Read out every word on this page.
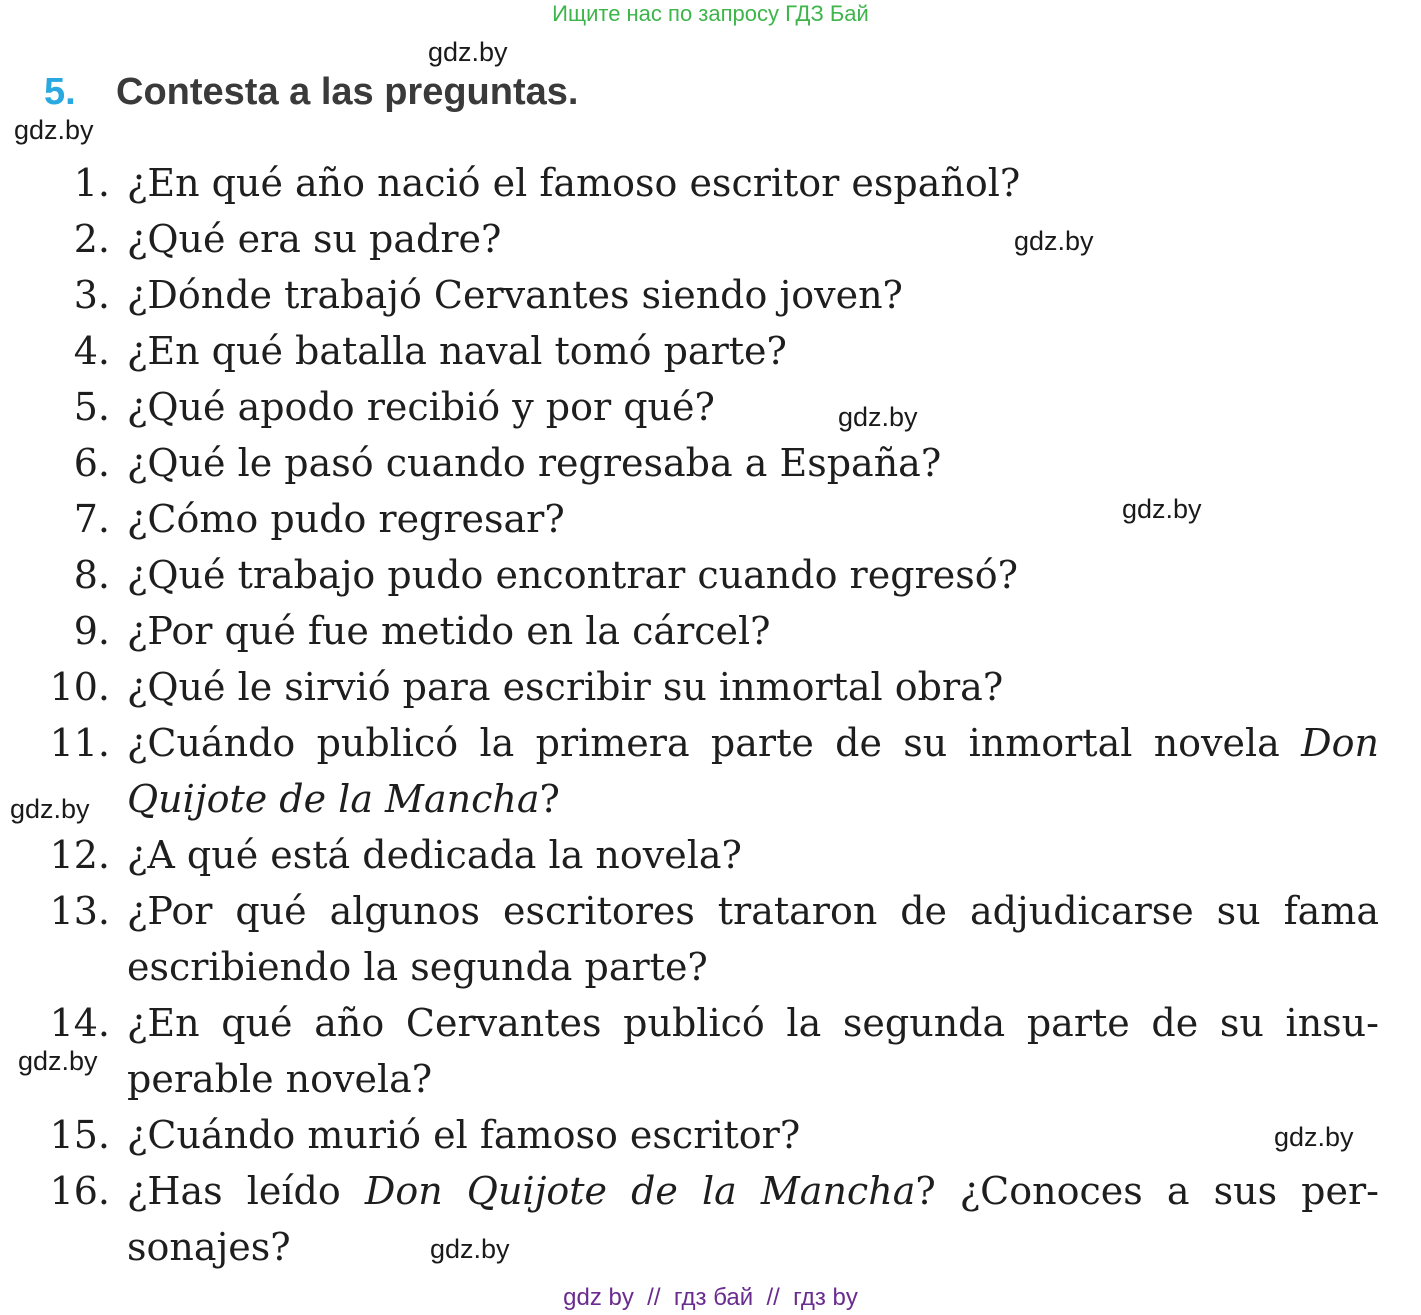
Ищите нас по запросу ГДЗ Бай
gdz.by
gdz.by
gdz.by
gdz.by
gdz.by
gdz.by
gdz.by
gdz.by
gdz.by
5. Contesta a las preguntas.
1. ¿En qué año nació el famoso escritor español?
2. ¿Qué era su padre?
3. ¿Dónde trabajó Cervantes siendo joven?
4. ¿En qué batalla naval tomó parte?
5. ¿Qué apodo recibió y por qué?
6. ¿Qué le pasó cuando regresaba a España?
7. ¿Cómo pudo regresar?
8. ¿Qué trabajo pudo encontrar cuando regresó?
9. ¿Por qué fue metido en la cárcel?
10. ¿Qué le sirvió para escribir su inmortal obra?
11. ¿Cuándo publicó la primera parte de su inmortal novela Don Quijote de la Mancha?
12. ¿A qué está dedicada la novela?
13. ¿Por qué algunos escritores trataron de adjudicarse su fama escribiendo la segunda parte?
14. ¿En qué año Cervantes publicó la segunda parte de su insu-perable novela?
15. ¿Cuándo murió el famoso escritor?
16. ¿Has leído Don Quijote de la Mancha? ¿Conoces a sus per-sonajes?
gdz by  //  гдз бай  //  гдз by
